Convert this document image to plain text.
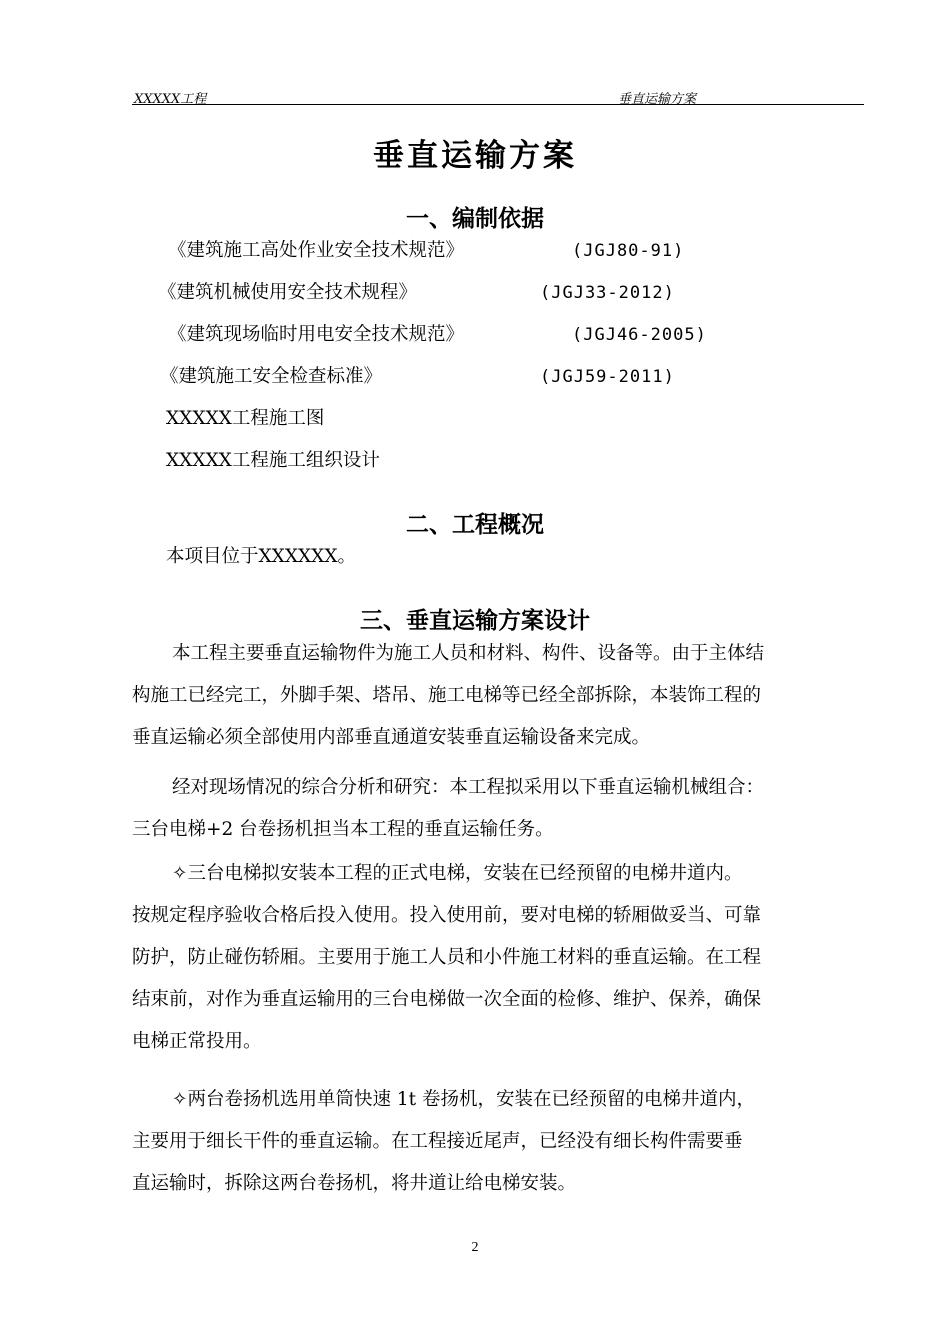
XXXXX工程	垂直运输方案
垂直运输方案
一、编制依据
《建筑施工高处作业安全技术规范》	(JGJ80-91)
《建筑机械使用安全技术规程》	(JGJ33-2012)
《建筑现场临时用电安全技术规范》	(JGJ46-2005)
《建筑施工安全检查标准》	(JGJ59-2011)
XXXXX工程施工图
XXXXX工程施工组织设计
二、工程概况
本项目位于XXXXXX。
三、垂直运输方案设计
本工程主要垂直运输物件为施工人员和材料、构件、设备等。由于主体结
构施工已经完工，外脚手架、塔吊、施工电梯等已经全部拆除，本装饰工程的
垂直运输必须全部使用内部垂直通道安装垂直运输设备来完成。
经对现场情况的综合分析和研究：本工程拟采用以下垂直运输机械组合：
三台电梯+2 台卷扬机担当本工程的垂直运输任务。
✧三台电梯拟安装本工程的正式电梯，安装在已经预留的电梯井道内。
按规定程序验收合格后投入使用。投入使用前，要对电梯的轿厢做妥当、可靠
防护，防止碰伤轿厢。主要用于施工人员和小件施工材料的垂直运输。在工程
结束前，对作为垂直运输用的三台电梯做一次全面的检修、维护、保养，确保
电梯正常投用。
✧两台卷扬机选用单筒快速 1t 卷扬机，安装在已经预留的电梯井道内，
主要用于细长干件的垂直运输。在工程接近尾声，已经没有细长构件需要垂
直运输时，拆除这两台卷扬机，将井道让给电梯安装。
2
